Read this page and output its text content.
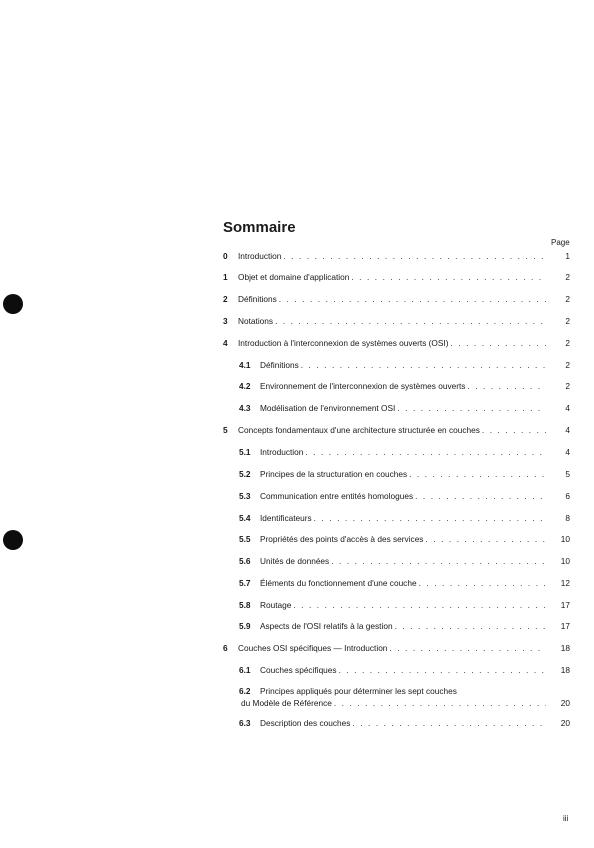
Sommaire
Page
0 Introduction . . .	1
1 Objet et domaine d'application . . .	2
2 Définitions . . .	2
3 Notations . . .	2
4 Introduction à l'interconnexion de systèmes ouverts (OSI) . . .	2
4.1 Définitions . . .	2
4.2 Environnement de l'interconnexion de systèmes ouverts . . .	2
4.3 Modélisation de l'environnement OSI . . .	4
5 Concepts fondamentaux d'une architecture structurée en couches . . .	4
5.1 Introduction . . .	4
5.2 Principes de la structuration en couches . . .	5
5.3 Communication entre entités homologues . . .	6
5.4 Identificateurs . . .	8
5.5 Propriétés des points d'accès à des services . . .	10
5.6 Unités de données . . .	10
5.7 Éléments du fonctionnement d'une couche . . .	12
5.8 Routage . . .	17
5.9 Aspects de l'OSI relatifs à la gestion . . .	17
6 Couches OSI spécifiques — Introduction . . .	18
6.1 Couches spécifiques . . .	18
6.2 Principes appliqués pour déterminer les sept couches
du Modèle de Référence . . .	20
6.3 Description des couches . . .	20
iii
